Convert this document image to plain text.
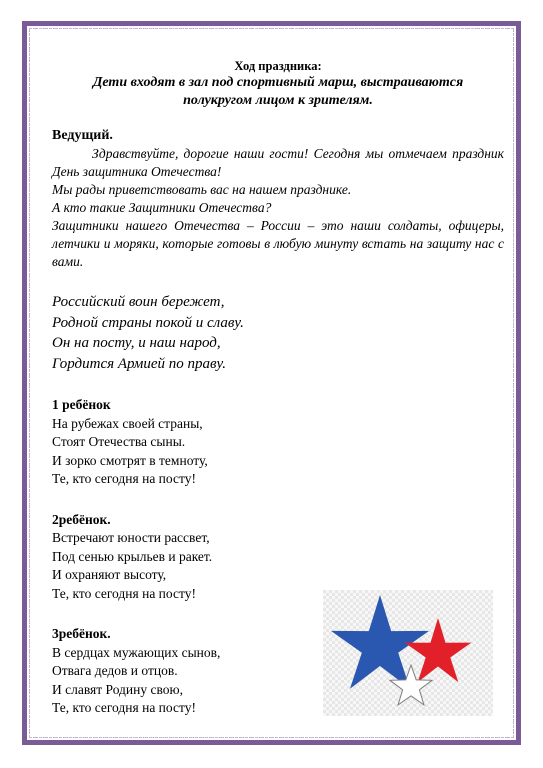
Ход праздника:
Дети входят в зал под спортивный марш, выстраиваются
полукругом лицом к зрителям.
Ведущий.
Здравствуйте, дорогие наши гости! Сегодня мы отмечаем праздник День защитника Отечества!
Мы рады приветствовать вас на нашем празднике.
А кто такие Защитники Отечества?
Защитники нашего Отечества – России – это наши солдаты, офицеры, летчики и моряки, которые готовы в любую минуту встать на защиту нас с вами.
Российский воин бережет,
Родной страны покой и славу.
Он на посту, и наш народ,
Гордится Армией по праву.
1 ребёнок
На рубежах своей страны,
Стоят Отечества сыны.
И зорко смотрят в темноту,
Те, кто сегодня на посту!
2ребёнок.
Встречают юности рассвет,
Под сенью крыльев и ракет.
И охраняют высоту,
Те, кто сегодня на посту!
3ребёнок.
В сердцах мужающих сынов,
Отвага дедов и отцов.
И славят Родину свою,
Те, кто сегодня на посту!
